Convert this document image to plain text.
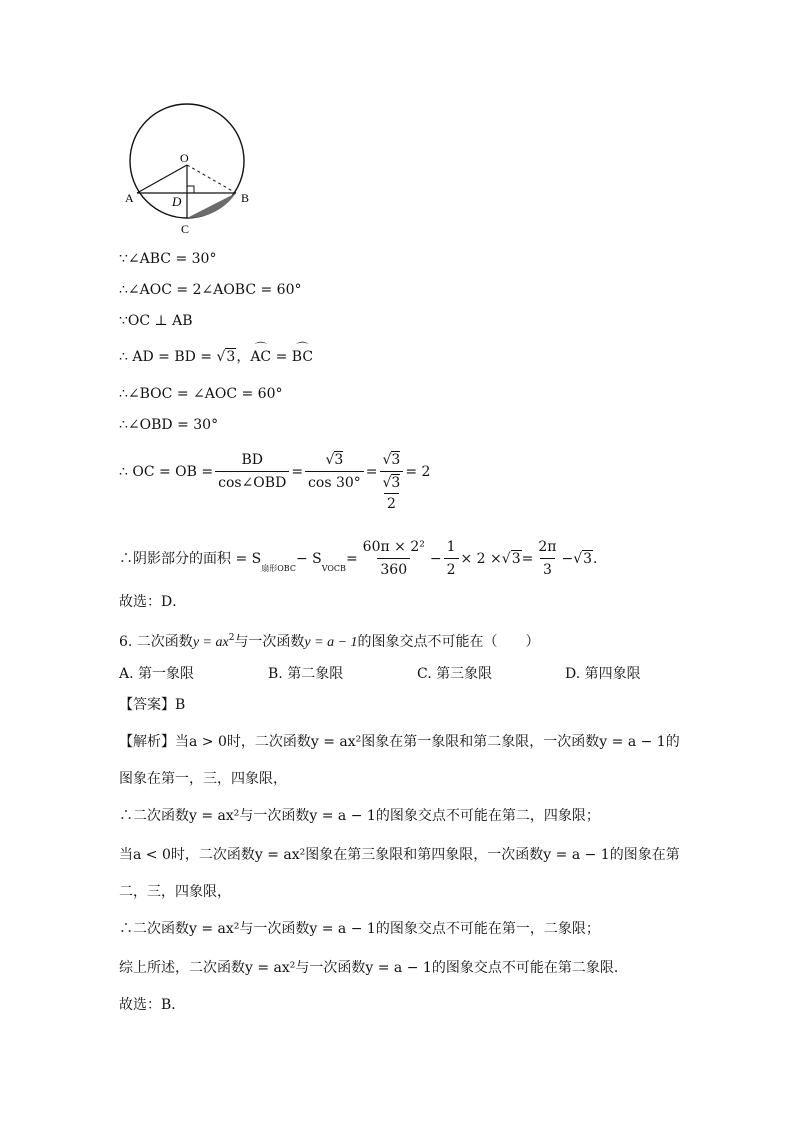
O
A	B
C
D
∵∠ABC = 30°
∴∠AOC = 2∠AOBC = 60°
∵OC ⊥ AB
∴ AD = BD = √3，⌒ AC = ⌒ BC
∴∠BOC = ∠AOC = 60°
∴∠OBD = 30°
∴ OC = OB = $\frac{BD}{\text{cos∠OBD}} = \frac{√3}{\cos 30^\circ} = √3$
√3
2 = 2
∴阴影部分的面积 = S
扇形OBC
− S
VOCB
= $\frac{\text{60π × 2²}}{360} - \frac{1}{2} \times 2 \times √3 = \frac{2\pi}{3} - √3$ ．
故选：D．
6. 二次函数$y = ax^2$与一次函数y = a − 1的图象交点不可能在（　　）
A. 第一象限	B. 第二象限	C. 第三象限	D. 第四象限
【答案】B
【解析】当a > 0时，二次函数y = ax²图象在第一象限和第二象限，一次函数y = a − 1的
图象在第一，三，四象限，
∴二次函数y = ax²与一次函数y = a − 1的图象交点不可能在第二，四象限；
当a < 0时，二次函数y = ax²图象在第三象限和第四象限，一次函数y = a − 1的图象在第
二，三，四象限，
∴二次函数y = ax²与一次函数y = a − 1的图象交点不可能在第一，二象限；
综上所述，二次函数y = ax²与一次函数y = a − 1的图象交点不可能在第二象限．
故选：B．
